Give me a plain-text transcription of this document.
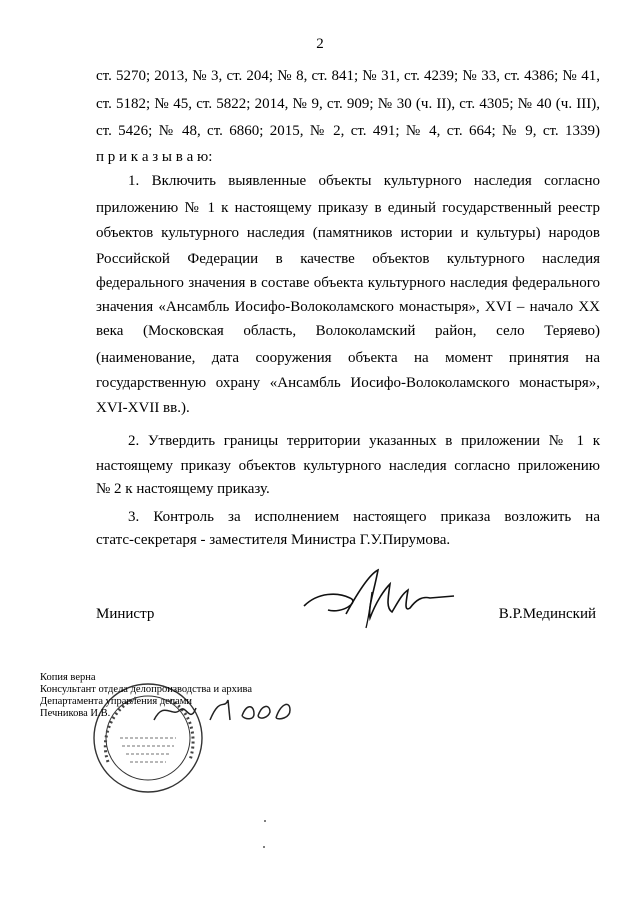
2
ст. 5270; 2013, № 3, ст. 204; № 8, ст. 841; № 31, ст. 4239; № 33, ст. 4386; № 41,
ст. 5182; № 45, ст. 5822; 2014, № 9, ст. 909; № 30 (ч. II), ст. 4305; № 40 (ч. III),
ст. 5426; № 48, ст. 6860; 2015, № 2, ст. 491; № 4, ст. 664; № 9, ст. 1339)
п р и к а з ы в а ю:
1. Включить выявленные объекты культурного наследия согласно
приложению № 1 к настоящему приказу в единый государственный реестр
объектов культурного наследия (памятников истории и культуры) народов
Российской Федерации в качестве объектов культурного наследия
федерального значения в составе объекта культурного наследия федерального
значения «Ансамбль Иосифо-Волоколамского монастыря», XVI – начало XX
века (Московская область, Волоколамский район, село Теряево)
(наименование, дата сооружения объекта на момент принятия на
государственную охрану «Ансамбль Иосифо-Волоколамского монастыря»,
XVI-XVII вв.).
2. Утвердить границы территории указанных в приложении № 1 к
настоящему приказу объектов культурного наследия согласно приложению
№ 2 к настоящему приказу.
3. Контроль за исполнением настоящего приказа возложить на
статс-секретаря - заместителя Министра Г.У.Пирумова.
Министр	В.Р.Мединский
Копия верна
Консультант отдела делопроизводства и архива
Департамента управления делами
Печникова И.В.
